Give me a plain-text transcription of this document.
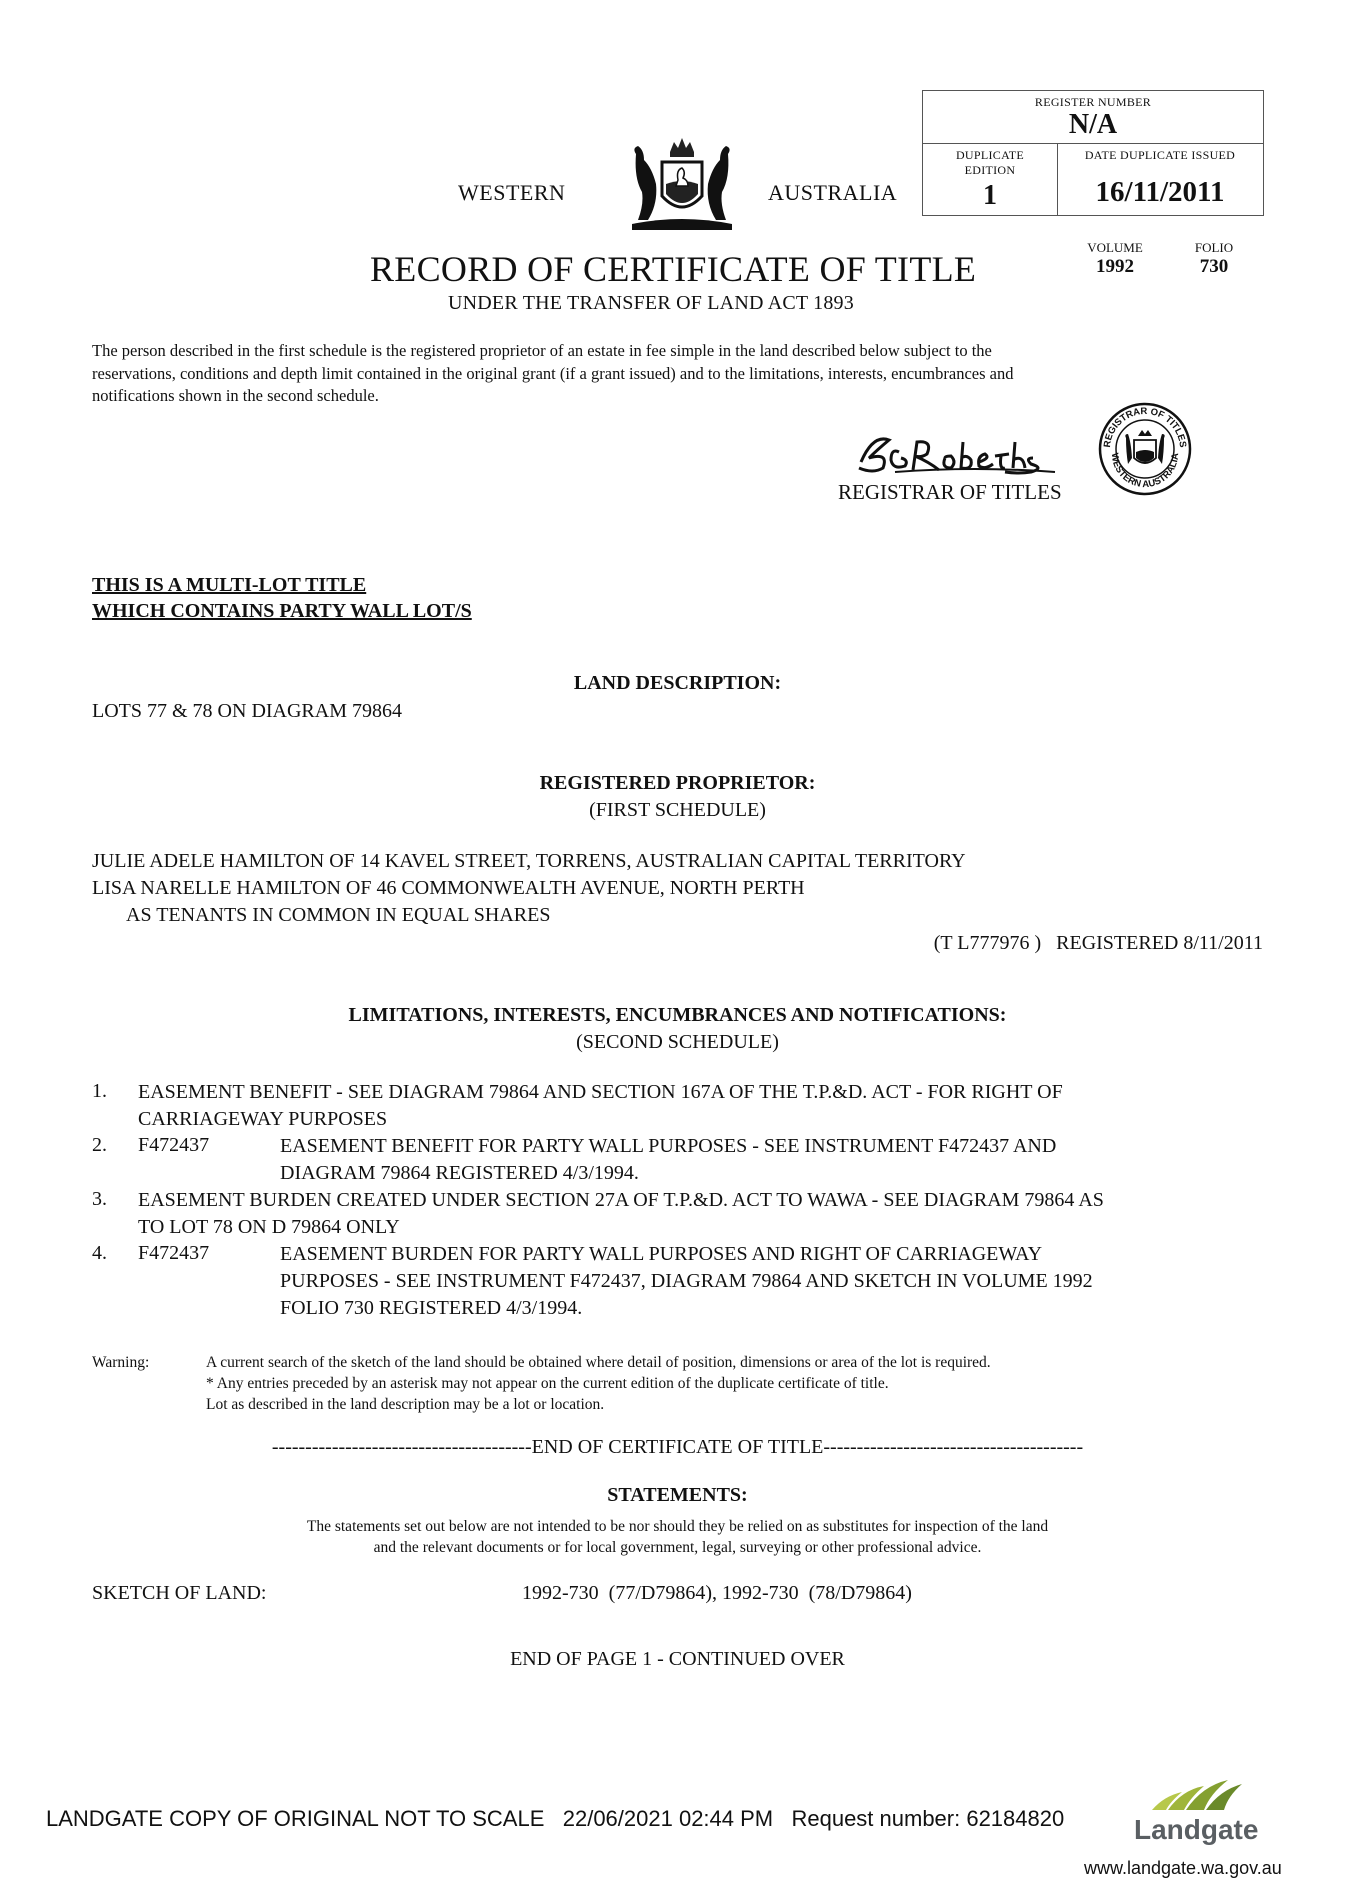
WESTERN	AUSTRALIA
RECORD OF CERTIFICATE OF TITLE
UNDER THE TRANSFER OF LAND ACT 1893
REGISTER NUMBER
N/A
DUPLICATE
EDITION
1
DATE DUPLICATE ISSUED
16/11/2011
VOLUME
1992
FOLIO
730
The person described in the first schedule is the registered proprietor of an estate in fee simple in the land described below subject to the
reservations, conditions and depth limit contained in the original grant (if a grant issued) and to the limitations, interests, encumbrances and
notifications shown in the second schedule.
REGISTRAR OF TITLES
REGISTRAR OF TITLES
WESTERN AUSTRALIA
THIS IS A MULTI-LOT TITLE
WHICH CONTAINS PARTY WALL LOT/S
LAND DESCRIPTION:
LOTS 77 & 78 ON DIAGRAM 79864
REGISTERED PROPRIETOR:
(FIRST SCHEDULE)
JULIE ADELE HAMILTON OF 14 KAVEL STREET, TORRENS, AUSTRALIAN CAPITAL TERRITORY
LISA NARELLE HAMILTON OF 46 COMMONWEALTH AVENUE, NORTH PERTH
AS TENANTS IN COMMON IN EQUAL SHARES
(T L777976 )   REGISTERED 8/11/2011
LIMITATIONS, INTERESTS, ENCUMBRANCES AND NOTIFICATIONS:
(SECOND SCHEDULE)
1. EASEMENT BENEFIT - SEE DIAGRAM 79864 AND SECTION 167A OF THE T.P.&D. ACT - FOR RIGHT OF
CARRIAGEWAY PURPOSES
2. F472437	EASEMENT BENEFIT FOR PARTY WALL PURPOSES - SEE INSTRUMENT F472437 AND
DIAGRAM 79864 REGISTERED 4/3/1994.
3. EASEMENT BURDEN CREATED UNDER SECTION 27A OF T.P.&D. ACT TO WAWA - SEE DIAGRAM 79864 AS
TO LOT 78 ON D 79864 ONLY
4. F472437	EASEMENT BURDEN FOR PARTY WALL PURPOSES AND RIGHT OF CARRIAGEWAY
PURPOSES - SEE INSTRUMENT F472437, DIAGRAM 79864 AND SKETCH IN VOLUME 1992
FOLIO 730 REGISTERED 4/3/1994.
Warning:	A current search of the sketch of the land should be obtained where detail of position, dimensions or area of the lot is required.
* Any entries preceded by an asterisk may not appear on the current edition of the duplicate certificate of title.
Lot as described in the land description may be a lot or location.
---------------------------------------END OF CERTIFICATE OF TITLE---------------------------------------
STATEMENTS:
The statements set out below are not intended to be nor should they be relied on as substitutes for inspection of the land
and the relevant documents or for local government, legal, surveying or other professional advice.
SKETCH OF LAND:	1992-730  (77/D79864), 1992-730  (78/D79864)
END OF PAGE 1 - CONTINUED OVER
LANDGATE COPY OF ORIGINAL NOT TO SCALE 22/06/2021 02:44 PM Request number: 62184820 Landgate
www.landgate.wa.gov.au
